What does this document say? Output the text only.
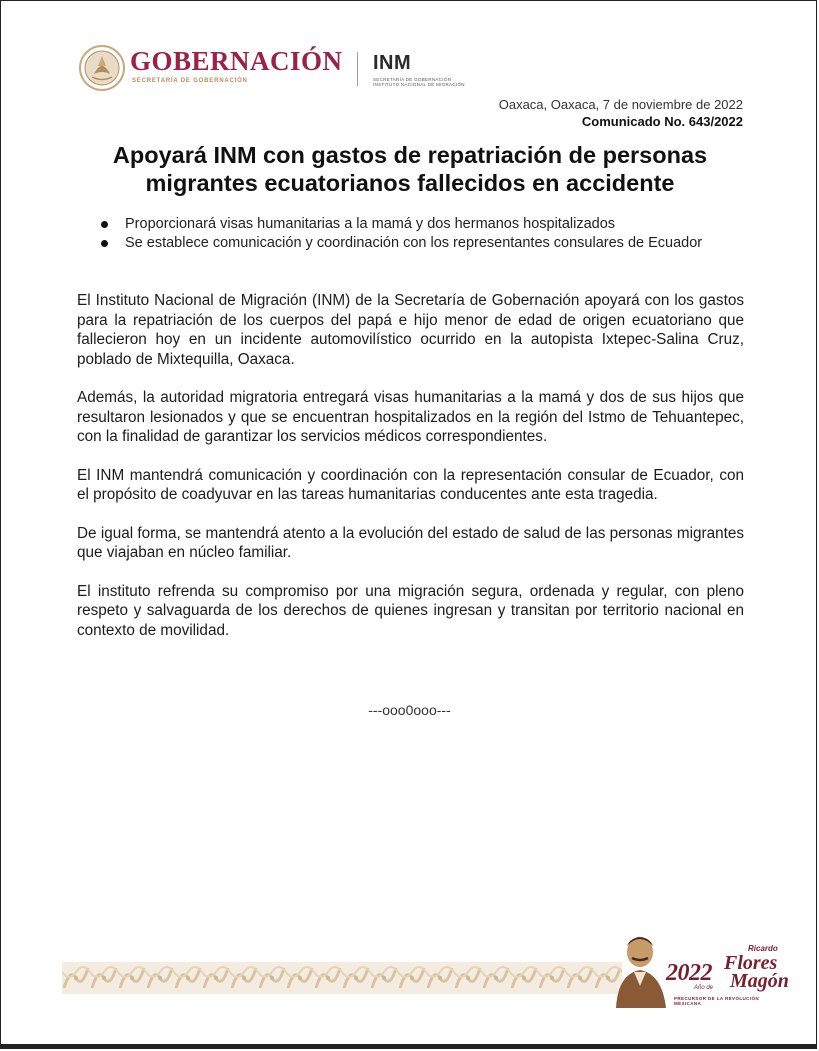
GOBERNACIÓN
SECRETARÍA DE GOBERNACIÓN
INM
SECRETARÍA DE GOBERNACIÓN
INSTITUTO NACIONAL DE MIGRACIÓN
Oaxaca, Oaxaca, 7 de noviembre de 2022
Comunicado No. 643/2022
Apoyará INM con gastos de repatriación de personas
migrantes ecuatorianos fallecidos en accidente
Proporcionará visas humanitarias a la mamá y dos hermanos hospitalizados
Se establece comunicación y coordinación con los representantes consulares de Ecuador

El Instituto Nacional de Migración (INM) de la Secretaría de Gobernación apoyará con los gastos para la repatriación de los cuerpos del papá e hijo menor de edad de origen ecuatoriano que fallecieron hoy en un incidente automovilístico ocurrido en la autopista Ixtepec-Salina Cruz, poblado de Mixtequilla, Oaxaca.

Además, la autoridad migratoria entregará visas humanitarias a la mamá y dos de sus hijos que resultaron lesionados y que se encuentran hospitalizados en la región del Istmo de Tehuantepec, con la finalidad de garantizar los servicios médicos correspondientes.

El INM mantendrá comunicación y coordinación con la representación consular de Ecuador, con el propósito de coadyuvar en las tareas humanitarias conducentes ante esta tragedia.

De igual forma, se mantendrá atento a la evolución del estado de salud de las personas migrantes que viajaban en núcleo familiar.

El instituto refrenda su compromiso por una migración segura, ordenada y regular, con pleno respeto y salvaguarda de los derechos de quienes ingresan y transitan por territorio nacional en contexto de movilidad.

---ooo0ooo---
2022
Año de
Ricardo
Flores
Magón
PRECURSOR DE LA REVOLUCIÓN MEXICANA
